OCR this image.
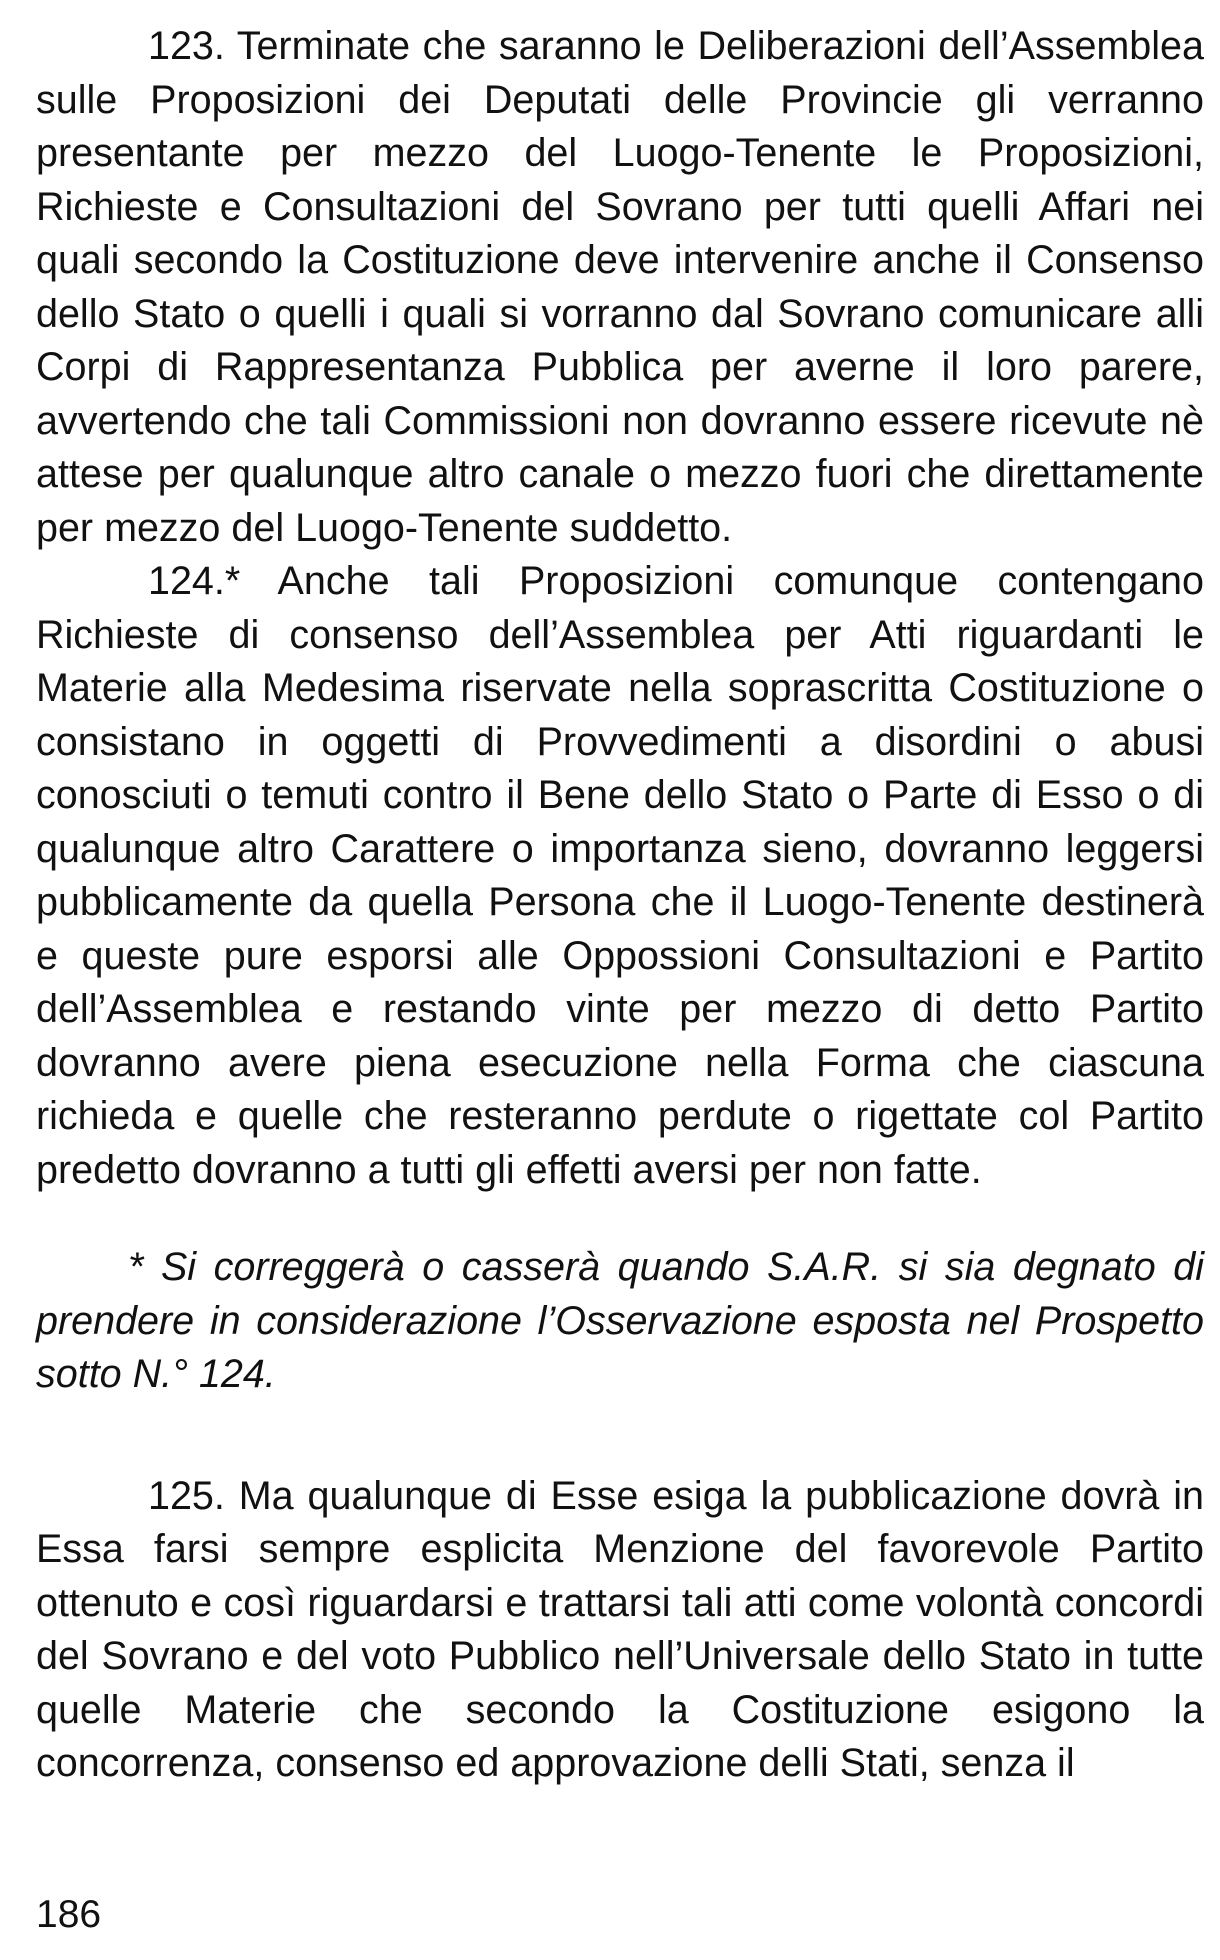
123. Terminate che saranno le Deliberazioni dell’Assemblea sulle Proposizioni dei Deputati delle Provincie gli verranno presentante per mezzo del Luogo-Tenente le Proposizioni, Richieste e Consultazioni del Sovrano per tutti quelli Affari nei quali secondo la Costituzione deve intervenire anche il Consenso dello Stato o quelli i quali si vorranno dal Sovrano comunicare alli Corpi di Rappresentanza Pubblica per averne il loro parere, avvertendo che tali Commissioni non dovranno essere ricevute nè attese per qualunque altro canale o mezzo fuori che direttamente per mezzo del Luogo-Tenente suddetto.

124.* Anche tali Proposizioni comunque contengano Richieste di consenso dell’Assemblea per Atti riguardanti le Materie alla Medesima riservate nella soprascritta Costituzione o consistano in oggetti di Provvedimenti a disordini o abusi conosciuti o temuti contro il Bene dello Stato o Parte di Esso o di qualunque altro Carattere o importanza sieno, dovranno leggersi pubblicamente da quella Persona che il Luogo-Tenente destinerà e queste pure esporsi alle Oppossioni Consultazioni e Partito dell’Assemblea e restando vinte per mezzo di detto Partito dovranno avere piena esecuzione nella Forma che ciascuna richieda e quelle che resteranno perdute o rigettate col Partito predetto dovranno a tutti gli effetti aversi per non fatte.

* Si correggerà o casserà quando S.A.R. si sia degnato di prendere in considerazione l’Osservazione esposta nel Prospetto sotto N.° 124.

125. Ma qualunque di Esse esiga la pubblicazione dovrà in Essa farsi sempre esplicita Menzione del favorevole Partito ottenuto e così riguardarsi e trattarsi tali atti come volontà concordi del Sovrano e del voto Pubblico nell’Universale dello Stato in tutte quelle Materie che secondo la Costituzione esigono la concorrenza, consenso ed approvazione delli Stati, senza il

186
